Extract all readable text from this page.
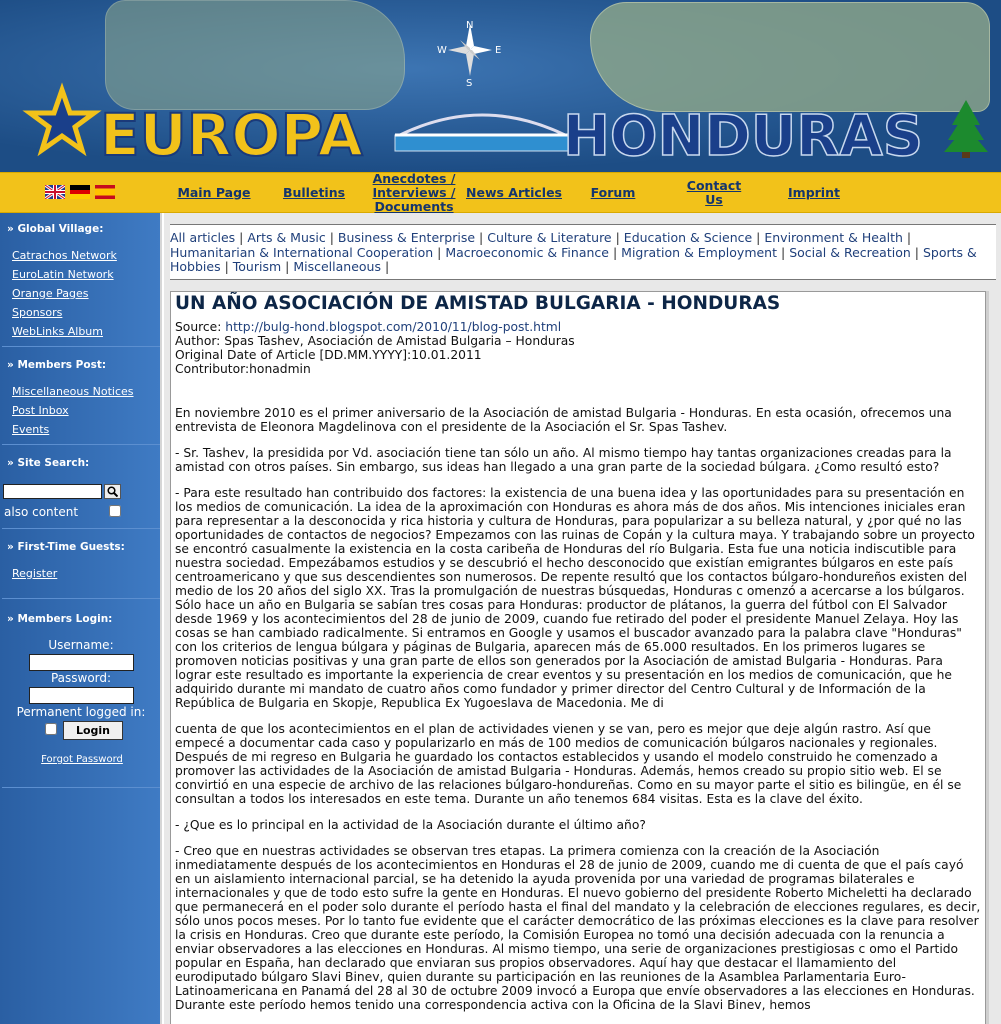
N
S
W	E
EUROPA	HONDURAS
Main Page	Bulletins
Anecdotes / Interviews / Documents
News Articles Forum	Contact Us	Imprint
» Global Village:
Catrachos Network
EuroLatin Network
Orange Pages
Sponsors
WebLinks Album
» Members Post:
Miscellaneous Notices
Post Inbox
Events
» Site Search:
also content
» First-Time Guests:
Register
» Members Login:
Username:
Password:
Permanent logged in:
Login
Forgot Password
All articles | Arts & Music | Business & Enterprise | Culture & Literature | Education & Science | Environment & Health | Humanitarian & International Cooperation | Macroeconomic & Finance | Migration & Employment | Social & Recreation | Sports & Hobbies | Tourism | Miscellaneous |
UN AÑO ASOCIACIÓN DE AMISTAD BULGARIA - HONDURAS
Source: http://bulg-hond.blogspot.com/2010/11/blog-post.html
Author: Spas Tashev, Asociación de Amistad Bulgaria – Honduras
Original Date of Article [DD.MM.YYYY]:10.01.2011
Contributor:honadmin

En noviembre 2010 es el primer aniversario de la Asociación de amistad Bulgaria - Honduras. En esta ocasión, ofrecemos una entrevista de Eleonora Magdelinova con el presidente de la Asociación el Sr. Spas Tashev.

- Sr. Tashev, la presidida por Vd. asociación tiene tan sólo un año. Al mismo tiempo hay tantas organizaciones creadas para la amistad con otros países. Sin embargo, sus ideas han llegado a una gran parte de la sociedad búlgara. ¿Como resultó esto?

- Para este resultado han contribuido dos factores: la existencia de una buena idea y las oportunidades para su presentación en los medios de comunicación. La idea de la aproximación con Honduras es ahora más de dos años. Mis intenciones iniciales eran para representar a la desconocida y rica historia y cultura de Honduras, para popularizar a su belleza natural, y ¿por qué no las oportunidades de contactos de negocios? Empezamos con las ruinas de Copán y la cultura maya. Y trabajando sobre un proyecto se encontró casualmente la existencia en la costa caribeña de Honduras del río Bulgaria. Esta fue una noticia indiscutible para nuestra sociedad. Empezábamos estudios y se descubrió el hecho desconocido que existían emigrantes búlgaros en este país centroamericano y que sus descendientes son numerosos. De repente resultó que los contactos búlgaro-hondureños existen del medio de los 20 años del siglo XX. Tras la promulgación de nuestras búsquedas, Honduras c omenzó a acercarse a los búlgaros. Sólo hace un año en Bulgaria se sabían tres cosas para Honduras: productor de plátanos, la guerra del fútbol con El Salvador desde 1969 y los acontecimientos del 28 de junio de 2009, cuando fue retirado del poder el presidente Manuel Zelaya. Hoy las cosas se han cambiado radicalmente. Si entramos en Google y usamos el buscador avanzado para la palabra clave "Honduras" con los criterios de lengua búlgara y páginas de Bulgaria, aparecen más de 65.000 resultados. En los primeros lugares se promoven noticias positivas y una gran parte de ellos son generados por la Asociación de amistad Bulgaria - Honduras. Para lograr este resultado es importante la experiencia de crear eventos y su presentación en los medios de comunicación, que he adquirido durante mi mandato de cuatro años como fundador y primer director del Centro Cultural y de Información de la República de Bulgaria en Skopje, Republica Ex Yugoeslava de Macedonia. Me di

cuenta de que los acontecimientos en el plan de actividades vienen y se van, pero es mejor que deje algún rastro. Así que empecé a documentar cada caso y popularizarlo en más de 100 medios de comunicación búlgaros nacionales y regionales. Después de mi regreso en Bulgaria he guardado los contactos establecidos y usando el modelo construido he comenzado a promover las actividades de la Asociación de amistad Bulgaria - Honduras. Además, hemos creado su propio sitio web. El se convirtió en una especie de archivo de las relaciones búlgaro-hondureñas. Como en su mayor parte el sitio es bilingüe, en él se consultan a todos los interesados en este tema. Durante un año tenemos 684 visitas. Esta es la clave del éxito.

- ¿Que es lo principal en la actividad de la Asociación durante el último año?

- Creo que en nuestras actividades se observan tres etapas. La primera comienza con la creación de la Asociación inmediatamente después de los acontecimientos en Honduras el 28 de junio de 2009, cuando me di cuenta de que el país cayó en un aislamiento internacional parcial, se ha detenido la ayuda provenida por una variedad de programas bilaterales e internacionales y que de todo esto sufre la gente en Honduras. El nuevo gobierno del presidente Roberto Micheletti ha declarado que permanecerá en el poder solo durante el período hasta el final del mandato y la celebración de elecciones regulares, es decir, sólo unos pocos meses. Por lo tanto fue evidente que el carácter democrático de las próximas elecciones es la clave para resolver la crisis en Honduras. Creo que durante este período, la Comisión Europea no tomó una decisión adecuada con la renuncia a enviar observadores a las elecciones en Honduras. Al mismo tiempo, una serie de organizaciones prestigiosas c omo el Partido popular en España, han declarado que enviaran sus propios observadores. Aquí hay que destacar el llamamiento del eurodiputado búlgaro Slavi Binev, quien durante su participación en las reuniones de la Asamblea Parlamentaria Euro-Latinoamericana en Panamá del 28 al 30 de octubre 2009 invocó a Europa que envíe observadores a las elecciones en Honduras. Durante este período hemos tenido una correspondencia activa con la Oficina de la Slavi Binev, hemos
